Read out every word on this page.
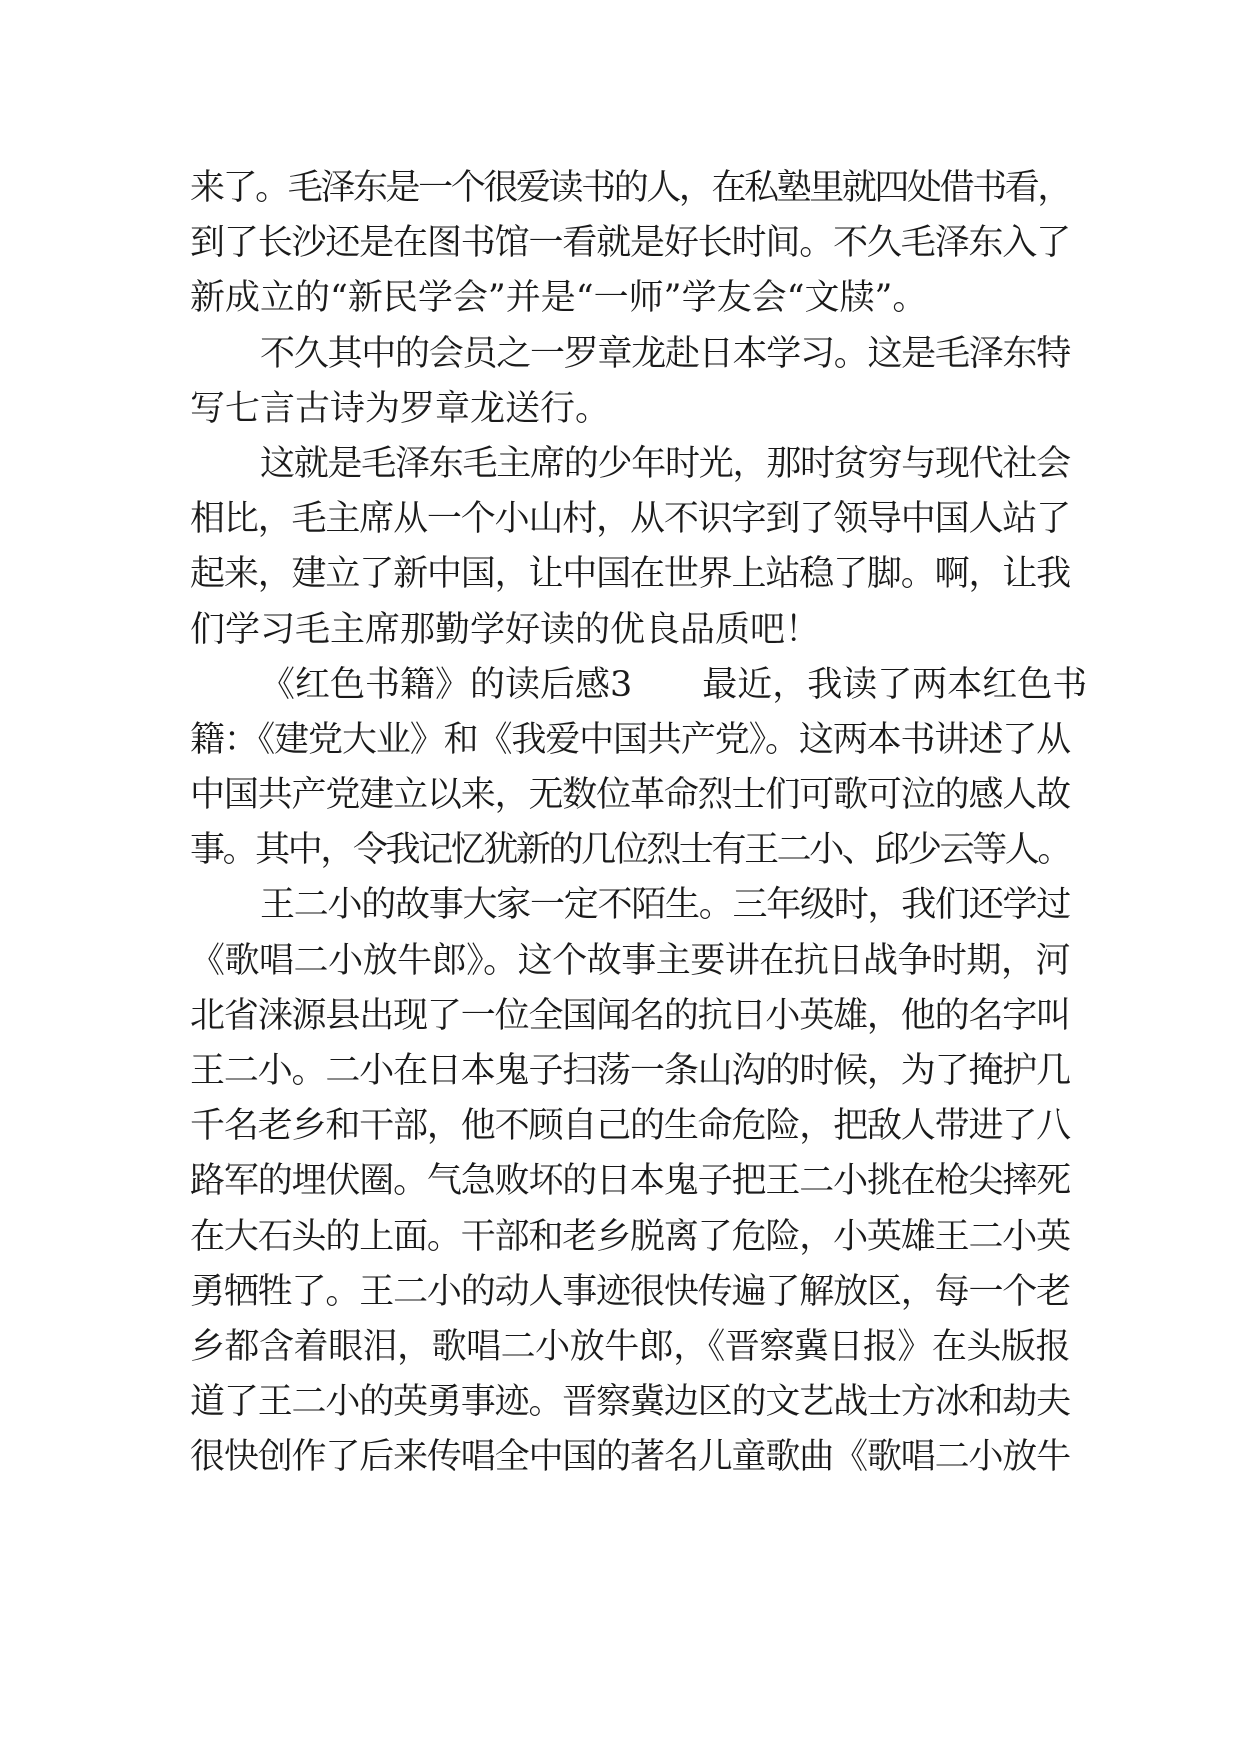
来了。毛泽东是一个很爱读书的人，在私塾里就四处借书看，
到了长沙还是在图书馆一看就是好长时间。不久毛泽东入了
新成立的“新民学会”并是“一师”学友会“文牍”。
不久其中的会员之一罗章龙赴日本学习。这是毛泽东特
写七言古诗为罗章龙送行。
这就是毛泽东毛主席的少年时光，那时贫穷与现代社会
相比，毛主席从一个小山村，从不识字到了领导中国人站了
起来，建立了新中国，让中国在世界上站稳了脚。啊，让我
们学习毛主席那勤学好读的优良品质吧！
《红色书籍》的读后感3 最近，我读了两本红色书
籍：《建党大业》和《我爱中国共产党》。这两本书讲述了从
中国共产党建立以来，无数位革命烈士们可歌可泣的感人故
事。其中，令我记忆犹新的几位烈士有王二小、邱少云等人。
王二小的故事大家一定不陌生。三年级时，我们还学过
《歌唱二小放牛郎》。这个故事主要讲在抗日战争时期，河
北省涞源县出现了一位全国闻名的抗日小英雄，他的名字叫
王二小。二小在日本鬼子扫荡一条山沟的时候，为了掩护几
千名老乡和干部，他不顾自己的生命危险，把敌人带进了八
路军的埋伏圈。气急败坏的日本鬼子把王二小挑在枪尖摔死
在大石头的上面。干部和老乡脱离了危险，小英雄王二小英
勇牺牲了。王二小的动人事迹很快传遍了解放区，每一个老
乡都含着眼泪，歌唱二小放牛郎，《晋察冀日报》在头版报
道了王二小的英勇事迹。晋察冀边区的文艺战士方冰和劫夫
很快创作了后来传唱全中国的著名儿童歌曲《歌唱二小放牛
